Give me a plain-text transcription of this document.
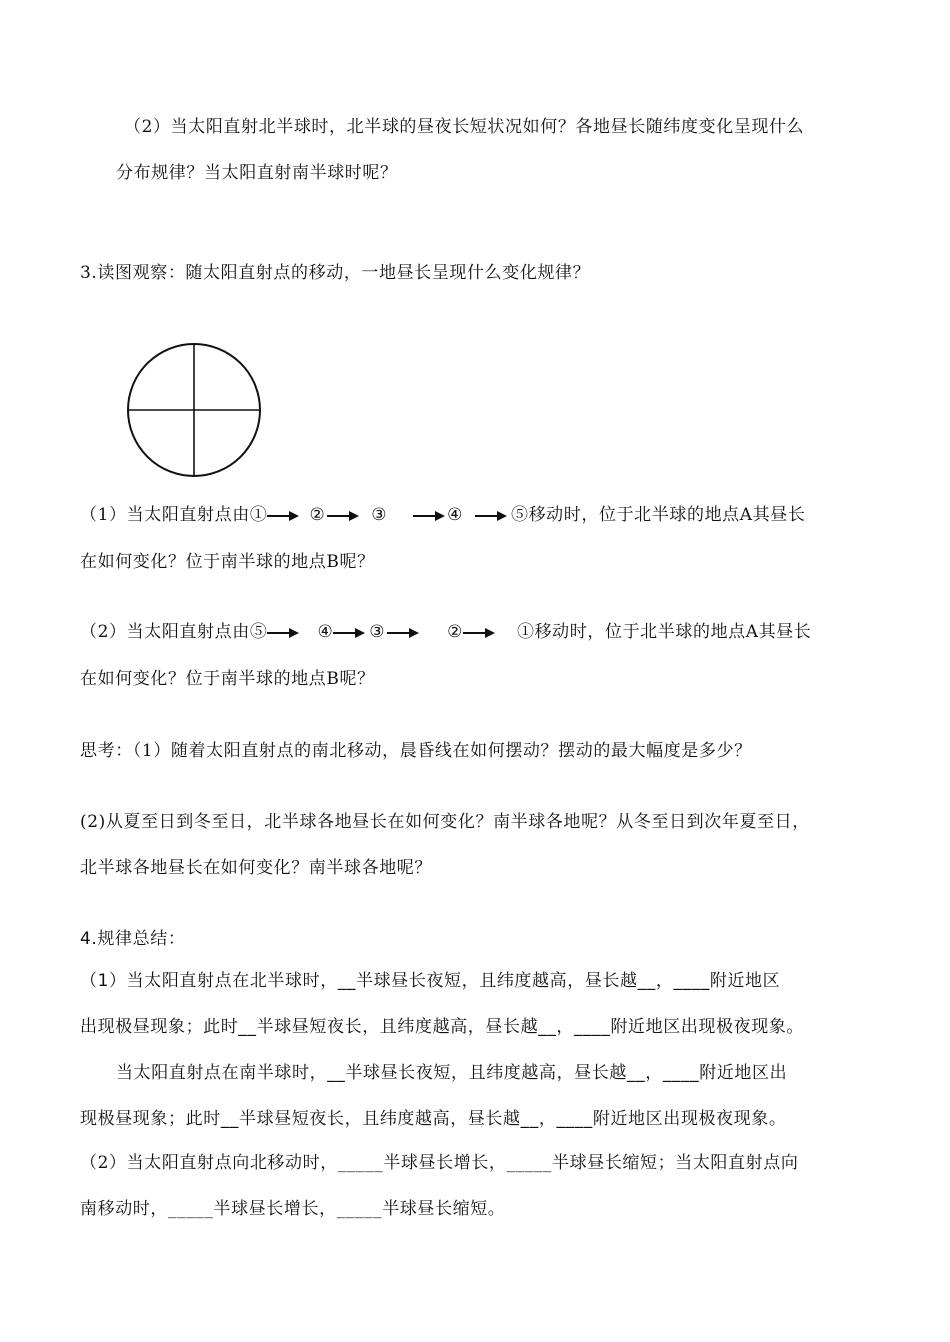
（2）当太阳直射北半球时，北半球的昼夜长短状况如何？各地昼长随纬度变化呈现什么
分布规律？当太阳直射南半球时呢？
3.读图观察：随太阳直射点的移动，一地昼长呈现什么变化规律？
（1）当太阳直射点由① ②	③	④	⑤移动时，位于北半球的地点A其昼长
在如何变化？位于南半球的地点B呢？
（2）当太阳直射点由⑤	④ ③	②	①移动时，位于北半球的地点A其昼长
在如何变化？位于南半球的地点B呢？
思考：（1）随着太阳直射点的南北移动，晨昏线在如何摆动？摆动的最大幅度是多少？
(2)从夏至日到冬至日，北半球各地昼长在如何变化？南半球各地呢？从冬至日到次年夏至日，
北半球各地昼长在如何变化？南半球各地呢？
4.规律总结：
（1）当太阳直射点在北半球时，__半球昼长夜短，且纬度越高，昼长越__，____附近地区
出现极昼现象；此时__半球昼短夜长，且纬度越高，昼长越__，____附近地区出现极夜现象。
当太阳直射点在南半球时，__半球昼长夜短，且纬度越高，昼长越__，____附近地区出
现极昼现象；此时__半球昼短夜长，且纬度越高，昼长越__，____附近地区出现极夜现象。
（2）当太阳直射点向北移动时，_____半球昼长增长，_____半球昼长缩短；当太阳直射点向
南移动时，_____半球昼长增长，_____半球昼长缩短。
